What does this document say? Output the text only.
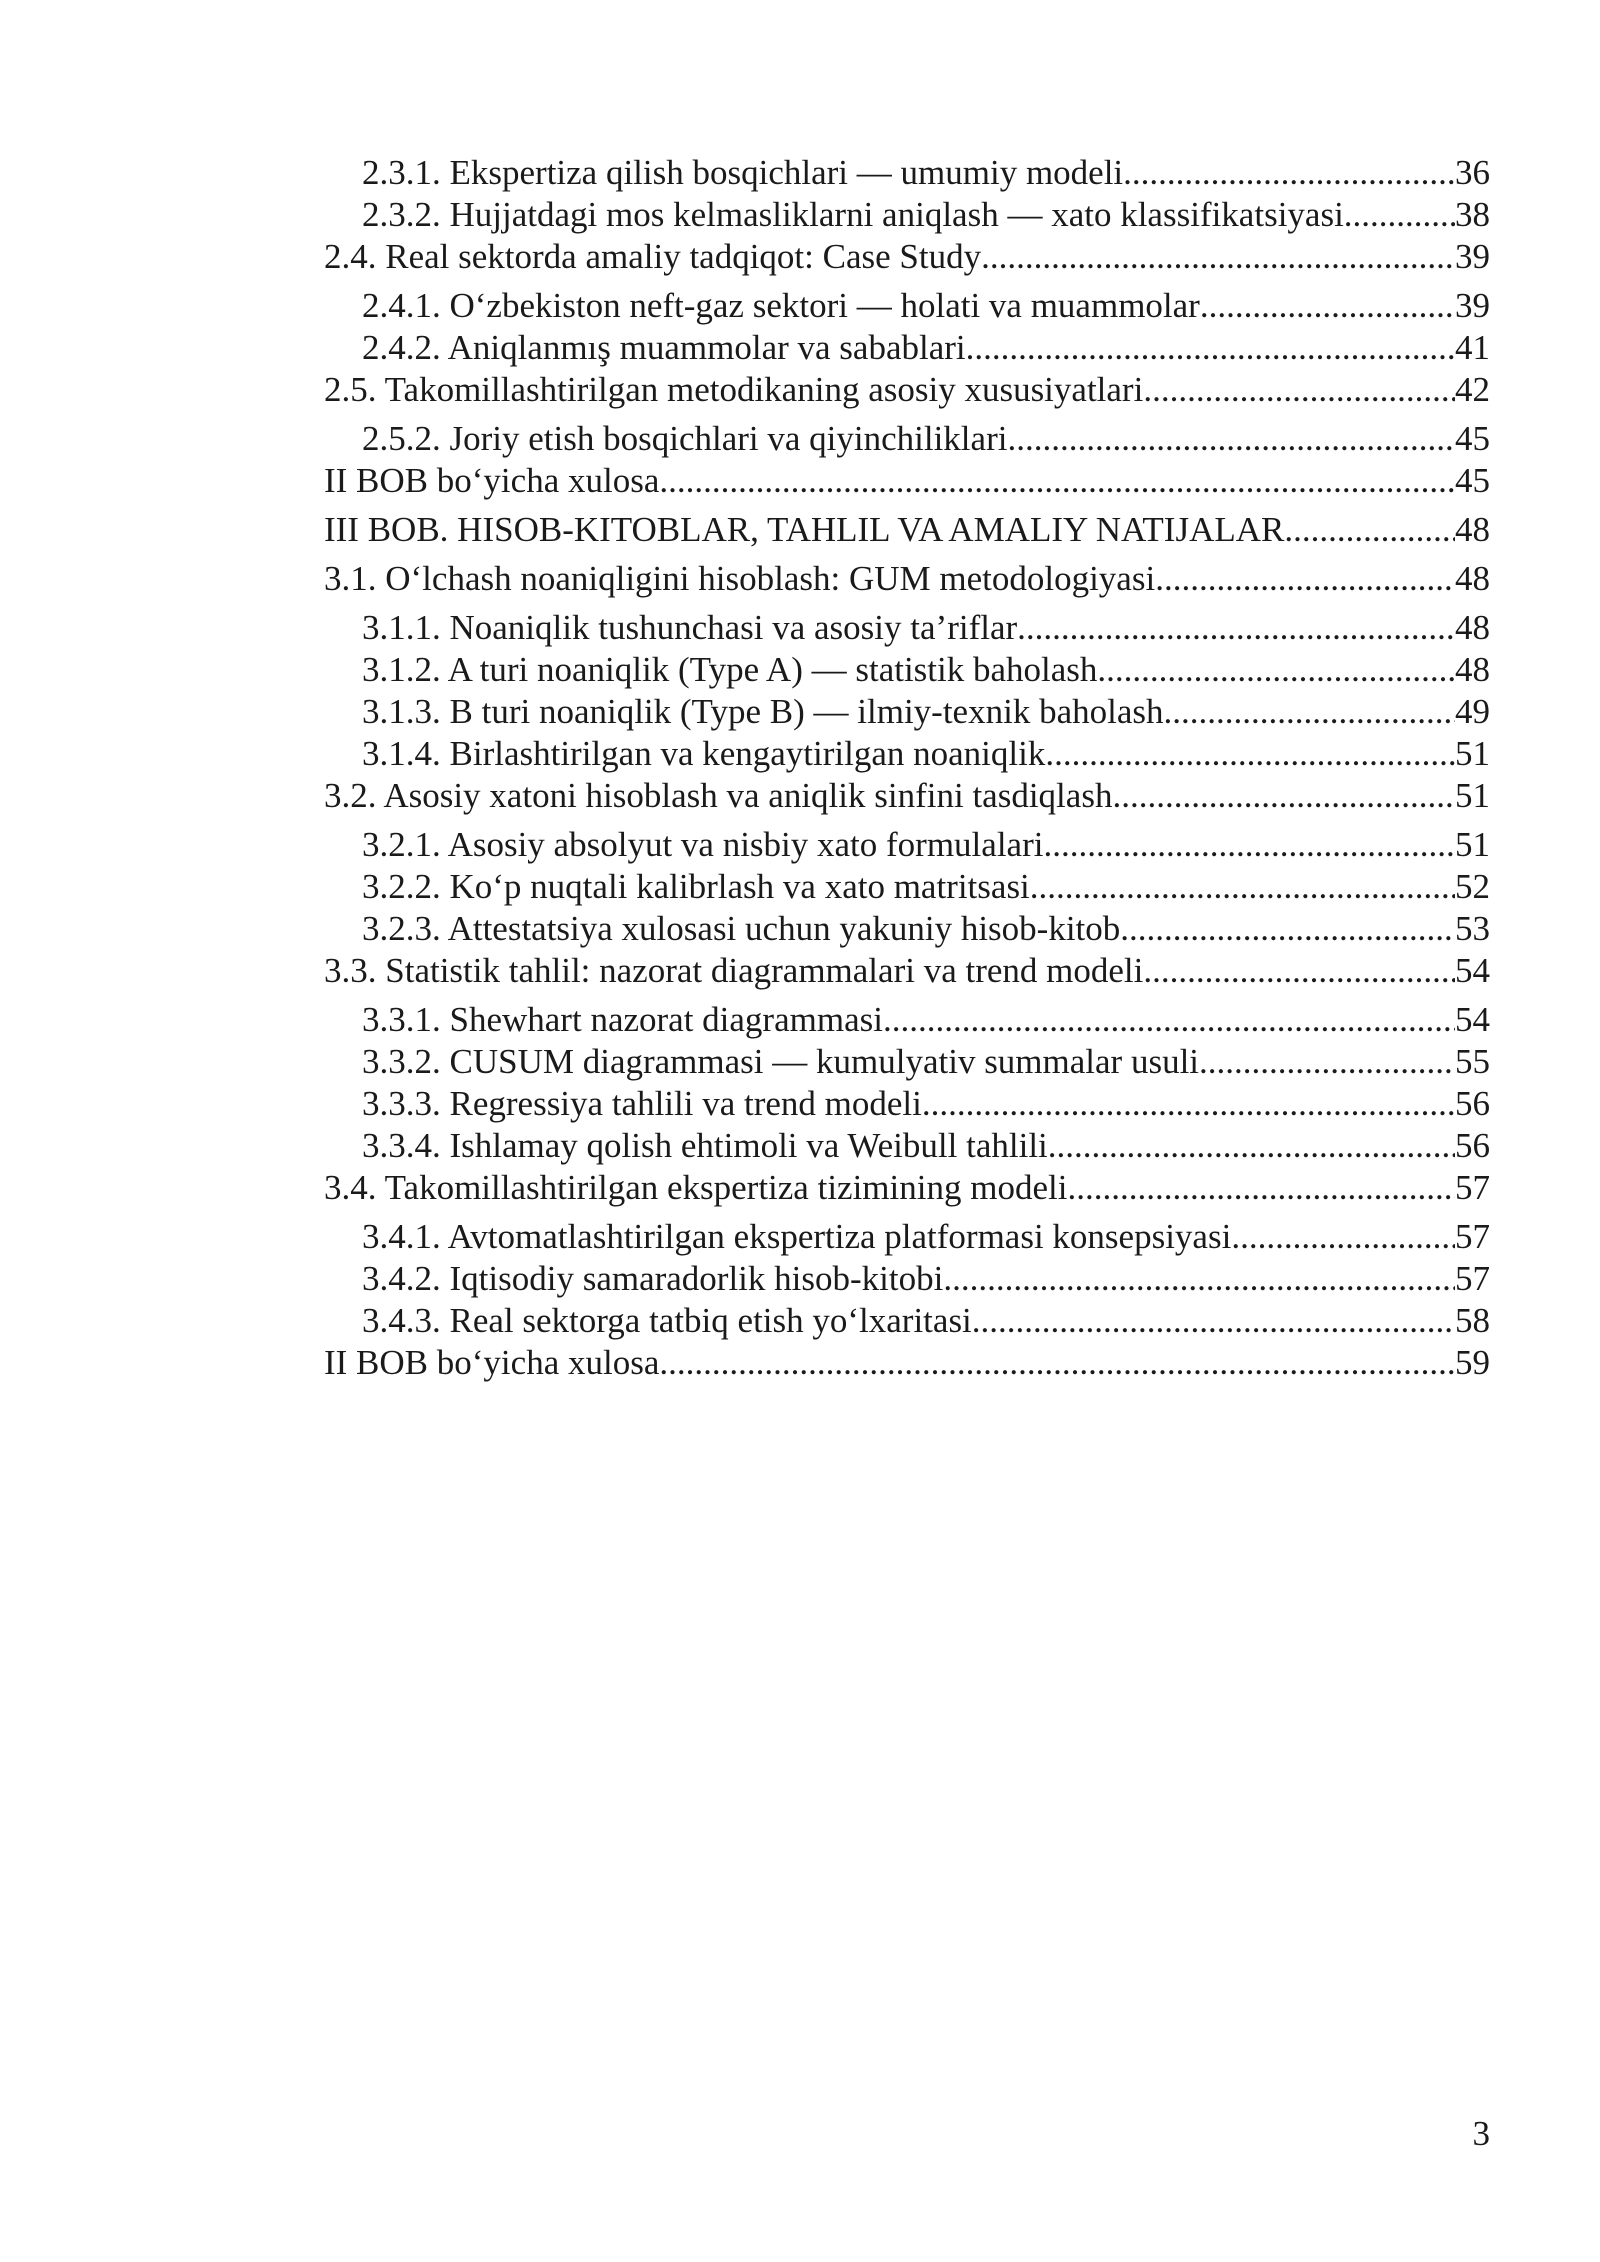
2.3.1. Ekspertiza qilish bosqichlari — umumiy modeli .....	36
2.3.2. Hujjatdagi mos kelmasliklarni aniqlash — xato klassifikatsiyasi .....	38
2.4. Real sektorda amaliy tadqiqot: Case Study .....	39
2.4.1. O‘zbekiston neft-gaz sektori — holati va muammolar .....	39
2.4.2. Aniqlanmış muammolar va sabablari .....	41
2.5. Takomillashtirilgan metodikaning asosiy xususiyatlari .....	42
2.5.2. Joriy etish bosqichlari va qiyinchiliklari .....	45
II BOB bo‘yicha xulosa .....	45
III BOB. HISOB-KITOBLAR, TAHLIL VA AMALIY NATIJALAR .....	48
3.1. O‘lchash noaniqligini hisoblash: GUM metodologiyasi .....	48
3.1.1. Noaniqlik tushunchasi va asosiy ta’riflar .....	48
3.1.2. A turi noaniqlik (Type A) — statistik baholash .....	48
3.1.3. B turi noaniqlik (Type B) — ilmiy-texnik baholash .....	49
3.1.4. Birlashtirilgan va kengaytirilgan noaniqlik .....	51
3.2. Asosiy xatoni hisoblash va aniqlik sinfini tasdiqlash .....	51
3.2.1. Asosiy absolyut va nisbiy xato formulalari .....	51
3.2.2. Ko‘p nuqtali kalibrlash va xato matritsasi .....	52
3.2.3. Attestatsiya xulosasi uchun yakuniy hisob-kitob .....	53
3.3. Statistik tahlil: nazorat diagrammalari va trend modeli .....	54
3.3.1. Shewhart nazorat diagrammasi .....	54
3.3.2. CUSUM diagrammasi — kumulyativ summalar usuli .....	55
3.3.3. Regressiya tahlili va trend modeli .....	56
3.3.4. Ishlamay qolish ehtimoli va Weibull tahlili .....	56
3.4. Takomillashtirilgan ekspertiza tizimining modeli .....	57
3.4.1. Avtomatlashtirilgan ekspertiza platformasi konsepsiyasi .....	57
3.4.2. Iqtisodiy samaradorlik hisob-kitobi .....	57
3.4.3. Real sektorga tatbiq etish yo‘lxaritasi .....	58
II BOB bo‘yicha xulosa .....	59
3
